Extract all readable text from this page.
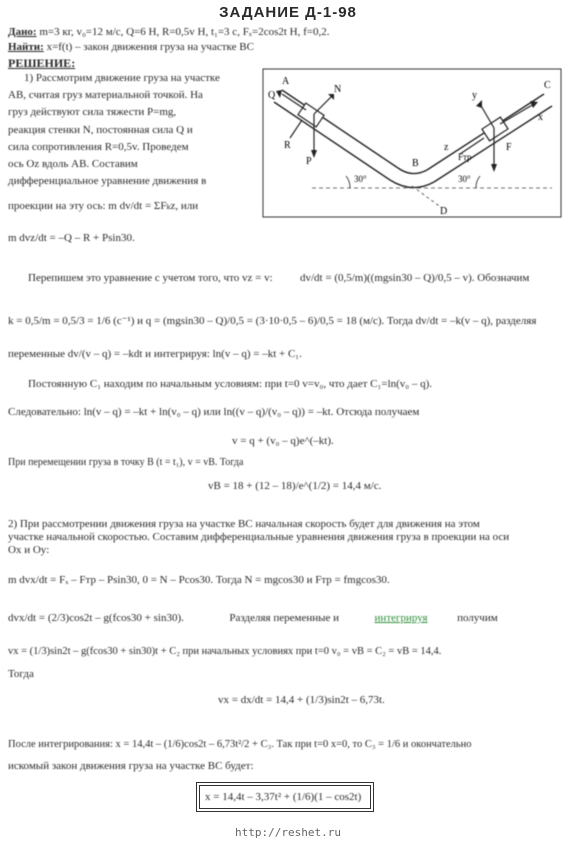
ЗАДАНИЕ Д-1-98
Дано: m=3 кг, v₀=12 м/с, Q=6 Н, R=0,5v Н, t₁=3 с, Fₓ=2cos2t Н, f=0,2.
Найти: x=f(t) – закон движения груза на участке BC
РЕШЕНИЕ:
1) Рассмотрим движение груза на участке
AB, считая груз материальной точкой. На
груз действуют сила тяжести P=mg,
реакция стенки N, постоянная сила Q и
сила сопротивления R=0,5v. Проведем
ось Oz вдоль AB. Составим
дифференциальное уравнение движения в
проекции на эту ось: m dv/dt = ΣFₖz, или
m dvz/dt = –Q – R + Psin30.
A
B
C
D
N
Q
P
R
x
y
z
30°	30°
Fтр
F
Перепишем это уравнение с учетом того, что vz = v: dv/dt = (0,5/m)((mgsin30 – Q)/0,5 – v). Обозначим
k = 0,5/m = 0,5/3 = 1/6 (c⁻¹) и q = (mgsin30 – Q)/0,5 = (3·10·0,5 – 6)/0,5 = 18 (м/с). Тогда dv/dt = –k(v – q), разделяя
переменные dv/(v – q) = –kdt и интегрируя: ln(v – q) = –kt + C₁.
Постоянную C₁ находим по начальным условиям: при t=0 v=v₀, что дает C₁=ln(v₀ – q).
Следовательно: ln(v – q) = –kt + ln(v₀ – q) или ln((v – q)/(v₀ – q)) = –kt. Отсюда получаем
v = q + (v₀ – q)e^(–kt).
При перемещении груза в точку B (t = t₁), v = vB. Тогда
vB = 18 + (12 – 18)/e^(1/2) = 14,4 м/с.
2) При рассмотрении движения груза на участке BC начальная скорость будет для движения на этом
участке начальной скоростью. Составим дифференциальные уравнения движения груза в проекции на оси
Ox и Oy:
m dvx/dt = Fₓ – Fтр – Psin30, 0 = N – Pcos30. Тогда N = mgcos30 и Fтр = fmgcos30.
dvx/dt = (2/3)cos2t – g(fcos30 + sin30).	Разделяя переменные и	интегрируя	получим
vx = (1/3)sin2t – g(fcos30 + sin30)t + C₂ при начальных условиях при t=0 v₀ = vB = C₂ = vB = 14,4.
Тогда
vx = dx/dt = 14,4 + (1/3)sin2t – 6,73t.
После интегрирования: x = 14,4t – (1/6)cos2t – 6,73t²/2 + C₃. Так при t=0 x=0, то C₃ = 1/6 и окончательно
искомый закон движения груза на участке BC будет:
x = 14,4t – 3,37t² + (1/6)(1 – cos2t)
http://reshet.ru
